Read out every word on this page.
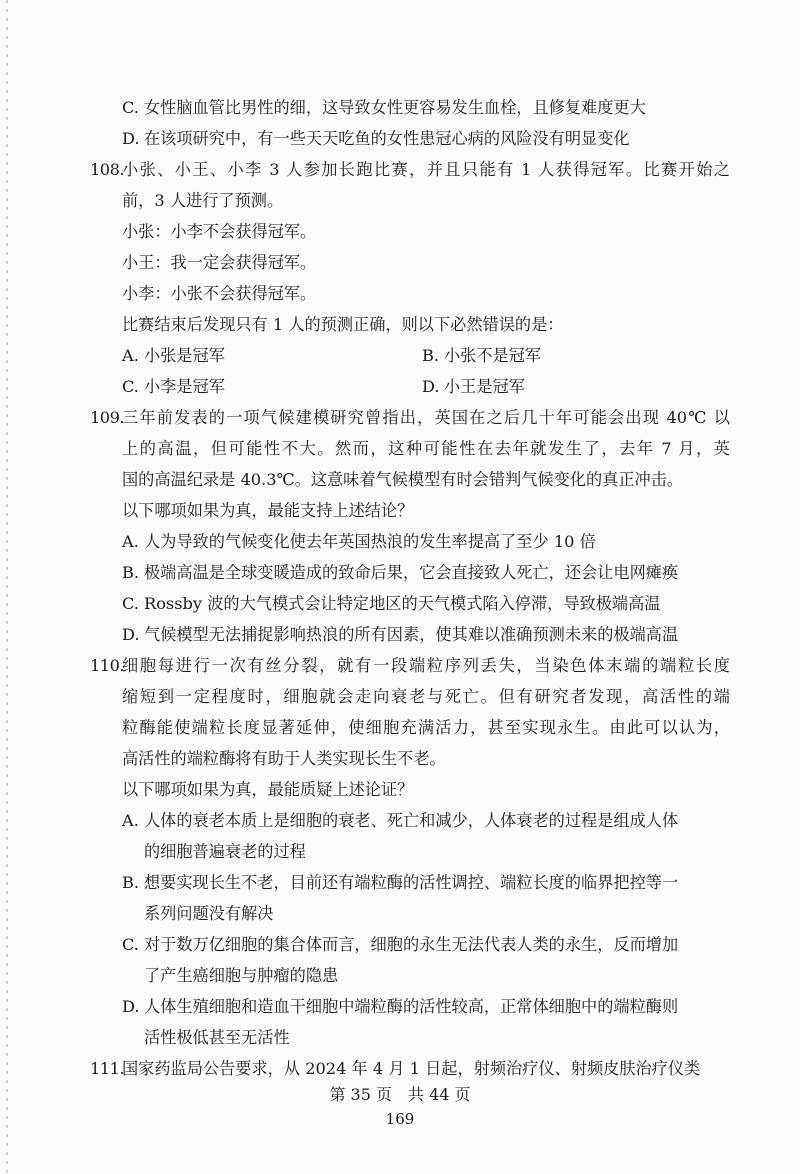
C. 女性脑血管比男性的细，这导致女性更容易发生血栓，且修复难度更大
D. 在该项研究中，有一些天天吃鱼的女性患冠心病的风险没有明显变化
108.
小张、小王、小李 3 人参加长跑比赛，并且只能有 1 人获得冠军。比赛开始之
前，3 人进行了预测。
小张：小李不会获得冠军。
小王：我一定会获得冠军。
小李：小张不会获得冠军。
比赛结束后发现只有 1 人的预测正确，则以下必然错误的是：
A. 小张是冠军	B. 小张不是冠军
C. 小李是冠军	D. 小王是冠军
109.
三年前发表的一项气候建模研究曾指出，英国在之后几十年可能会出现 40℃ 以
上的高温，但可能性不大。然而，这种可能性在去年就发生了，去年 7 月，英
国的高温纪录是 40.3℃。这意味着气候模型有时会错判气候变化的真正冲击。
以下哪项如果为真，最能支持上述结论？
A. 人为导致的气候变化使去年英国热浪的发生率提高了至少 10 倍
B. 极端高温是全球变暖造成的致命后果，它会直接致人死亡，还会让电网瘫痪
C. Rossby 波的大气模式会让特定地区的天气模式陷入停滞，导致极端高温
D. 气候模型无法捕捉影响热浪的所有因素，使其难以准确预测未来的极端高温
110.
细胞每进行一次有丝分裂，就有一段端粒序列丢失，当染色体末端的端粒长度
缩短到一定程度时，细胞就会走向衰老与死亡。但有研究者发现，高活性的端
粒酶能使端粒长度显著延伸，使细胞充满活力，甚至实现永生。由此可以认为，
高活性的端粒酶将有助于人类实现长生不老。
以下哪项如果为真，最能质疑上述论证？
A. 人体的衰老本质上是细胞的衰老、死亡和减少，人体衰老的过程是组成人体
的细胞普遍衰老的过程
B. 想要实现长生不老，目前还有端粒酶的活性调控、端粒长度的临界把控等一
系列问题没有解决
C. 对于数万亿细胞的集合体而言，细胞的永生无法代表人类的永生，反而增加
了产生癌细胞与肿瘤的隐患
D. 人体生殖细胞和造血干细胞中端粒酶的活性较高，正常体细胞中的端粒酶则
活性极低甚至无活性
111.
国家药监局公告要求，从 2024 年 4 月 1 日起，射频治疗仪、射频皮肤治疗仪类
第 35 页　共 44 页
169
